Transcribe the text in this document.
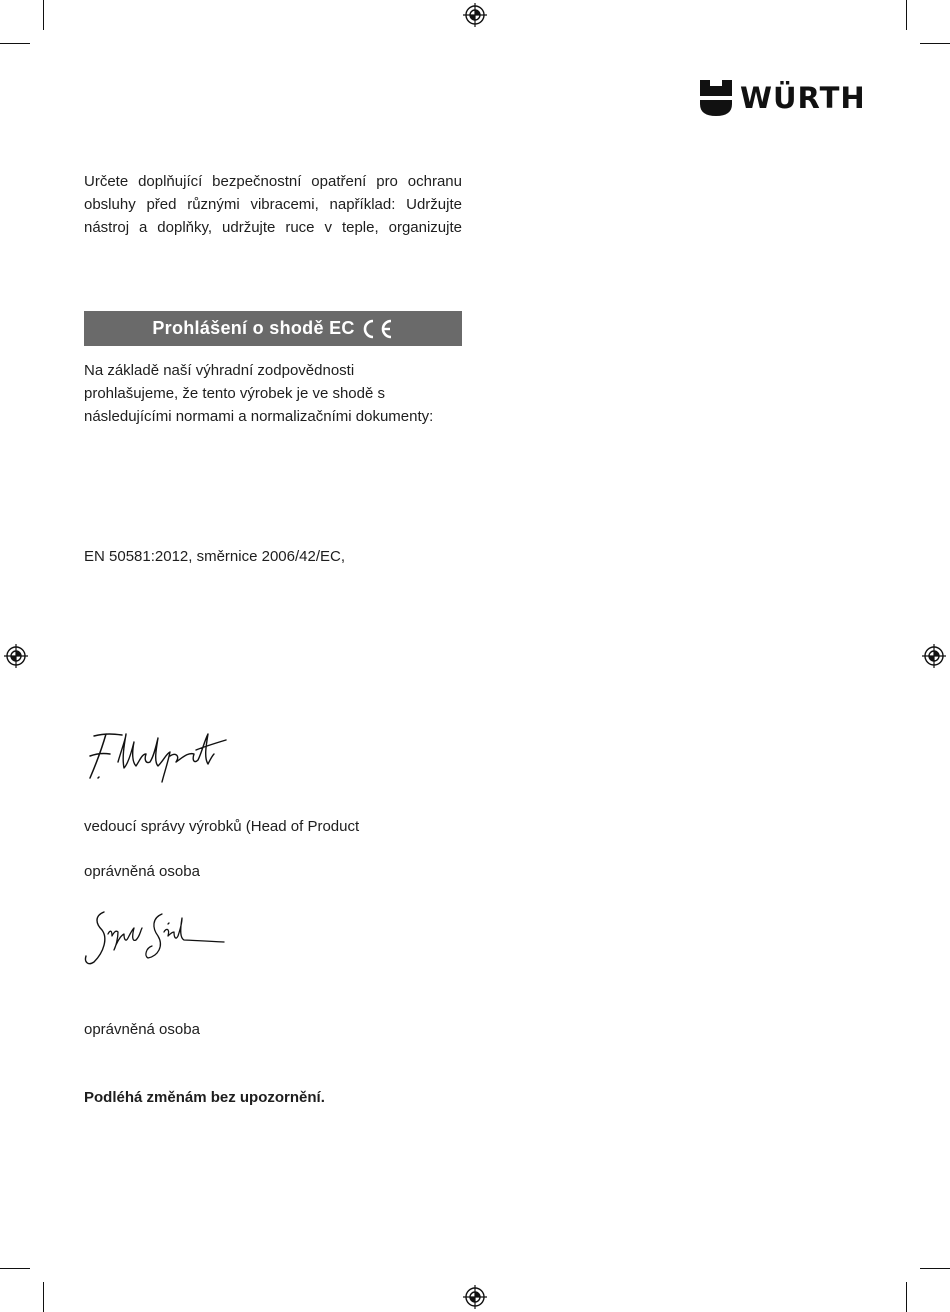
WÜRTH
Určete doplňující bezpečnostní opatření pro ochranu
obsluhy před různými vibracemi, například: Udržujte
nástroj a doplňky, udržujte ruce v teple, organizujte
Prohlášení o shodě EC
Na základě naší výhradní zodpovědnosti
prohlašujeme, že tento výrobek je ve shodě s
následujícími normami a normalizačními dokumenty:
EN 50581:2012, směrnice 2006/42/EC,
vedoucí správy výrobků (Head of Product
oprávněná osoba
oprávněná osoba
Podléhá změnám bez upozornění.
